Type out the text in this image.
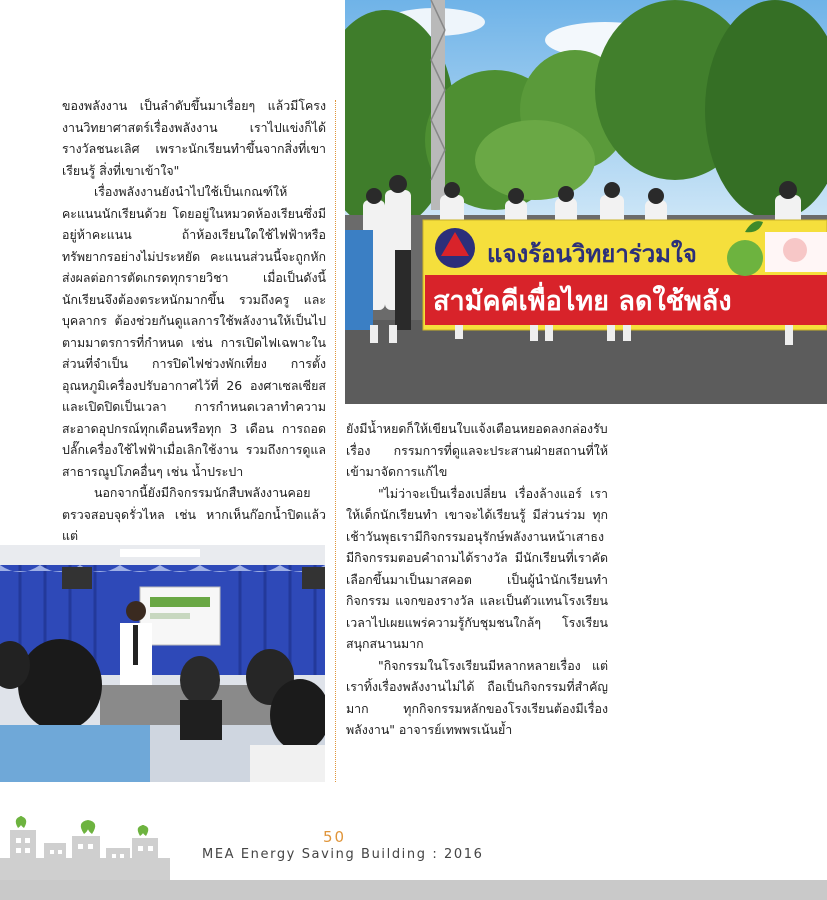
ของพลังงาน เป็นลำดับขึ้นมาเรื่อยๆ แล้วมีโครงงานวิทยาศาสตร์เรื่องพลังงาน เราไปแข่งก็ได้รางวัลชนะเลิศ เพราะนักเรียนทำขึ้นจากสิ่งที่เขาเรียนรู้ สิ่งที่เขาเข้าใจ"

เรื่องพลังงานยังนำไปใช้เป็นเกณฑ์ให้คะแนนนักเรียนด้วย โดยอยู่ในหมวดห้องเรียนซึ่งมีอยู่ห้าคะแนน ถ้าห้องเรียนใดใช้ไฟฟ้าหรือทรัพยากรอย่างไม่ประหยัด คะแนนส่วนนี้จะถูกหัก ส่งผลต่อการตัดเกรดทุกรายวิชา เมื่อเป็นดังนี้นักเรียนจึงต้องตระหนักมากขึ้น รวมถึงครู และบุคลากร ต้องช่วยกันดูแลการใช้พลังงานให้เป็นไปตามมาตรการที่กำหนด เช่น การเปิดไฟเฉพาะในส่วนที่จำเป็น การปิดไฟช่วงพักเที่ยง การตั้งอุณหภูมิเครื่องปรับอากาศไว้ที่ 26 องศาเซลเซียส และเปิดปิดเป็นเวลา การกำหนดเวลาทำความสะอาดอุปกรณ์ทุกเดือนหรือทุก 3 เดือน การถอดปลั๊กเครื่องใช้ไฟฟ้าเมื่อเลิกใช้งาน รวมถึงการดูแลสาธารณูปโภคอื่นๆ เช่น น้ำประปา

นอกจากนี้ยังมีกิจกรรมนักสืบพลังงานคอยตรวจสอบจุดรั่วไหล เช่น หากเห็นก๊อกน้ำปิดแล้วแต่

แจงร้อนวิทยาร่วมใจ
สามัคคีเพื่อไทย ลดใช้พลัง

ยังมีน้ำหยดก็ให้เขียนใบแจ้งเตือนหยอดลงกล่องรับเรื่อง กรรมการที่ดูแลจะประสานฝ่ายสถานที่ให้เข้ามาจัดการแก้ไข

"ไม่ว่าจะเป็นเรื่องเปลี่ยน เรื่องล้างแอร์ เราให้เด็กนักเรียนทำ เขาจะได้เรียนรู้ มีส่วนร่วม ทุกเช้าวันพุธเรามีกิจกรรมอนุรักษ์พลังงานหน้าเสาธง มีกิจกรรมตอบคำถามได้รางวัล มีนักเรียนที่เราคัดเลือกขึ้นมาเป็นมาสคอต เป็นผู้นำนักเรียนทำกิจกรรม แจกของรางวัล และเป็นตัวแทนโรงเรียนเวลาไปเผยแพร่ความรู้กับชุมชนใกล้ๆ โรงเรียน สนุกสนานมาก

"กิจกรรมในโรงเรียนมีหลากหลายเรื่อง แต่เราทิ้งเรื่องพลังงานไม่ได้ ถือเป็นกิจกรรมที่สำคัญมาก ทุกกิจกรรมหลักของโรงเรียนต้องมีเรื่องพลังงาน" อาจารย์เทพพรเน้นย้ำ

50
MEA Energy Saving Building : 2016
